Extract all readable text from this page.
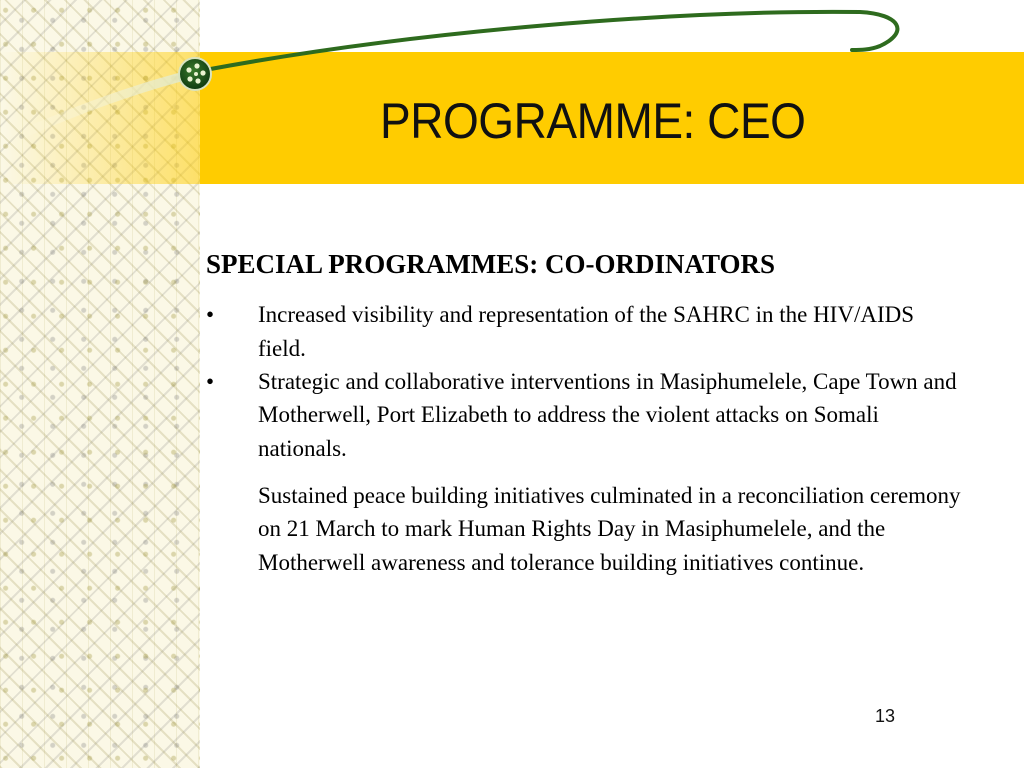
PROGRAMME: CEO
SPECIAL PROGRAMMES: CO-ORDINATORS
• Increased visibility and representation of the SAHRC in the HIV/AIDS field.
• Strategic and collaborative interventions in Masiphumelele, Cape Town and Motherwell, Port Elizabeth to address the violent attacks on Somali nationals.

Sustained peace building initiatives culminated in a reconciliation ceremony on 21 March to mark Human Rights Day in Masiphumelele, and the Motherwell awareness and tolerance building initiatives continue.

13
